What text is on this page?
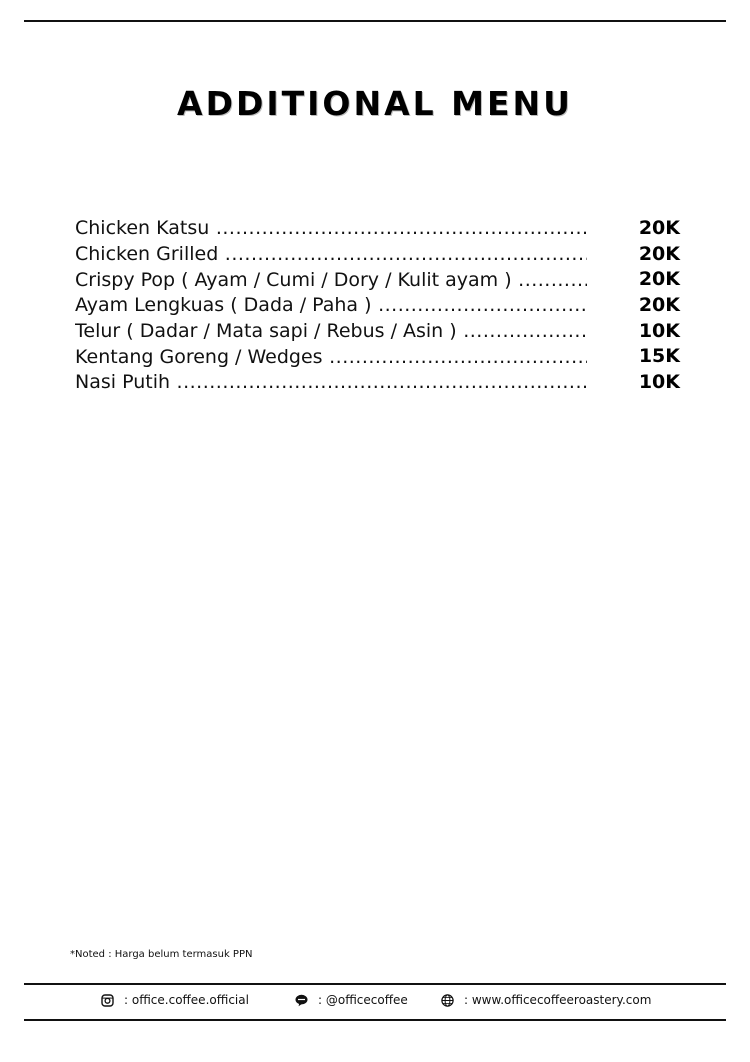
ADDITIONAL MENU
Chicken Katsu .....	20K
Chicken Grilled .....	20K
Crispy Pop ( Ayam / Cumi / Dory / Kulit ayam ) .....	20K
Ayam Lengkuas ( Dada / Paha ) .....	20K
Telur ( Dadar / Mata sapi / Rebus / Asin ) .....	10K
Kentang Goreng / Wedges .....	15K
Nasi Putih .....	10K
*Noted : Harga belum termasuk PPN
: office.coffee.official	: @officecoffee	: www.officecoffeeroastery.com
